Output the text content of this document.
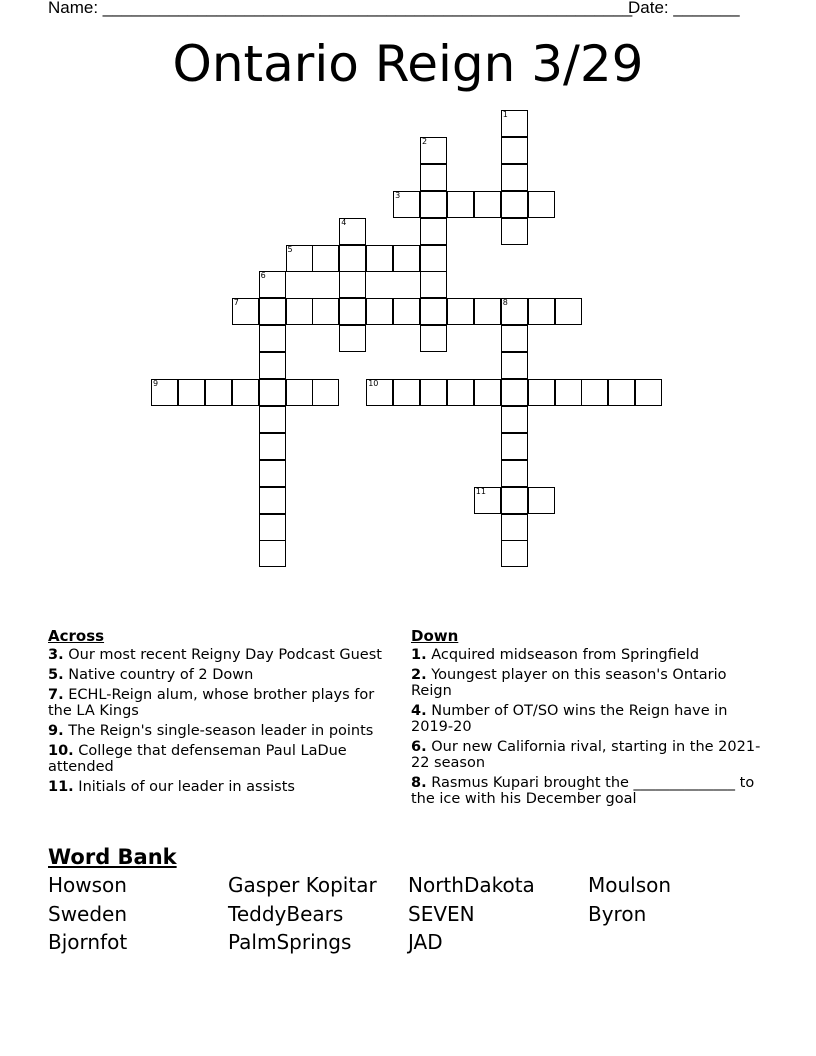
Name: ________________________________________________________
Date: _______
Ontario Reign 3/29
1
2
3
4
5
6
7	8
9	10
11
Across
3. Our most recent Reigny Day Podcast Guest
5. Native country of 2 Down
7. ECHL-Reign alum, whose brother plays for the LA Kings
9. The Reign's single-season leader in points
10. College that defenseman Paul LaDue attended
11. Initials of our leader in assists
Down
1. Acquired midseason from Springfield
2. Youngest player on this season's Ontario Reign
4. Number of OT/SO wins the Reign have in 2019-20
6. Our new California rival, starting in the 2021-22 season
8. Rasmus Kupari brought the ______________ to the ice with his December goal
Word Bank
Howson	Gasper Kopitar	NorthDakota	Moulson
Sweden	TeddyBears	SEVEN	Byron
Bjornfot	PalmSprings	JAD
